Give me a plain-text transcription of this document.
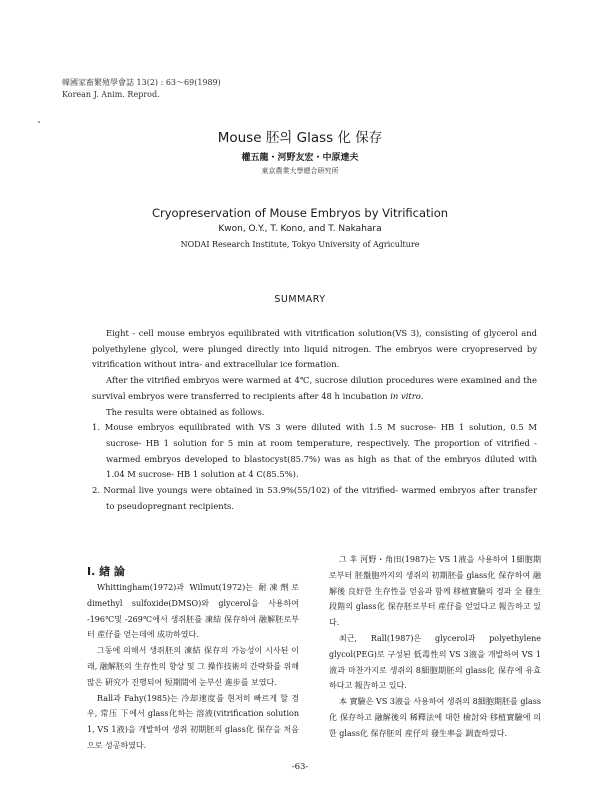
韓國家畜繁殖學會誌 13(2) : 63～69(1989)
Korean J. Anim. Reprod.
Mouse 胚의 Glass 化 保存
權五龍・河野友宏・中原達夫
東京農業大學總合硏究所
Cryopreservation of Mouse Embryos by Vitrification
Kwon, O.Y., T. Kono, and T. Nakahara
NODAI Research Institute, Tokyo University of Agriculture
SUMMARY

Eight - cell mouse embryos equilibrated with vitrification solution(VS 3), consisting of glycerol and polyethylene glycol, were plunged directly into liquid nitrogen. The embryos were cryopreserved by vitrification without intra- and extracellular ice formation.

After the vitrified embryos were warmed at 4℃, sucrose dilution procedures were examined and the survival embryos were transferred to recipients after 48 h incubation in vitro.

The results were obtained as follows.

1. Mouse embryos equilibrated with VS 3 were diluted with 1.5 M sucrose- HB 1 solution, 0.5 M sucrose- HB 1 solution for 5 min at room temperature, respectively. The proportion of vitrified - warmed embryos developed to blastocyst(85.7%) was as high as that of the embryos diluted with 1.04 M sucrose- HB 1 solution at 4 C(85.5%).

2. Normal live youngs were obtained in 53.9%(55/102) of the vitrified- warmed embryos after transfer to pseudopregnant recipients.

Ⅰ. 緖 論

Whittingham(1972)과 Wilmut(1972)는 耐凍劑로 dimethyl sulfoxide(DMSO)와 glycerol을 사용하여 -196℃및 -269℃에서 생쥐胚를 凍結 保存하여 融解胚로부터 産仔를 얻는데에 成功하였다.

그동에 의해서 생쥐胚의 凍結 保存의 가능성이 시사된 이래, 融解胚의 生存性의 향상 및 그 操作技術의 간략화를 위해 많은 硏究가 진행되어 短期間에 눈부신 進步를 보였다.

Rall과 Fahy(1985)는 冷却速度를 현저히 빠르게 할 경우, 常压 下에서 glass化하는 溶液(vitrification solution 1, VS 1液)을 개발하여 생쥐 初期胚의 glass化 保存을 처음으로 성공하였다.

그 후 河野・角田(1987)는 VS 1液을 사용하여 1細胞期로부터 胚盤胞까지의 생쥐의 初期胚를 glass化 保存하여 融解後 良好한 生存性을 얻음과 함께 移植實驗의 경과 全 發生段階의 glass化 保存胚로부터 産仔를 얻었다고 報告하고 있다.

최근, Rall(1987)은 glycerol과 polyethylene glycol(PEG)로 구성된 低毒性의 VS 3液을 개발하여 VS 1液과 마찬가지로 생쥐의 8細胞期胚의 glass化 保存에 유효하다고 報告하고 있다.

本 實驗은 VS 3液을 사용하여 생쥐의 8細胞期胚를 glass化 保存하고 融解後의 稀釋法에 대한 檢討와 移植實驗에 의한 glass化 保存胚의 産仔의 發生率을 調査하였다.

-63-
